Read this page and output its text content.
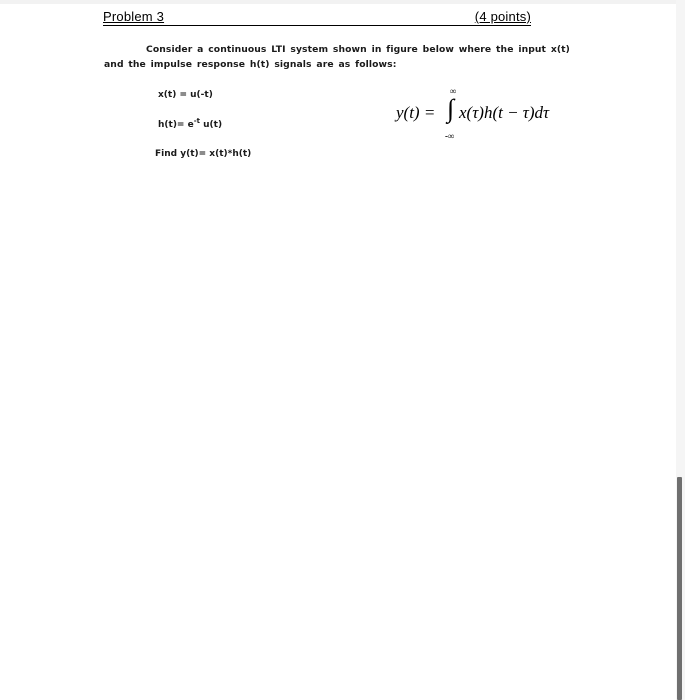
Problem 3	(4 points)
Consider a continuous LTI system shown in figure below where the input x(t)
and the impulse response h(t) signals are as follows:
x(t) = u(-t)
$h(t)= e^{-t}$ u(t)
Find y(t)= x(t)*h(t)
y(t) =
∞
∫
-∞
x(τ)h(t − τ)dτ
